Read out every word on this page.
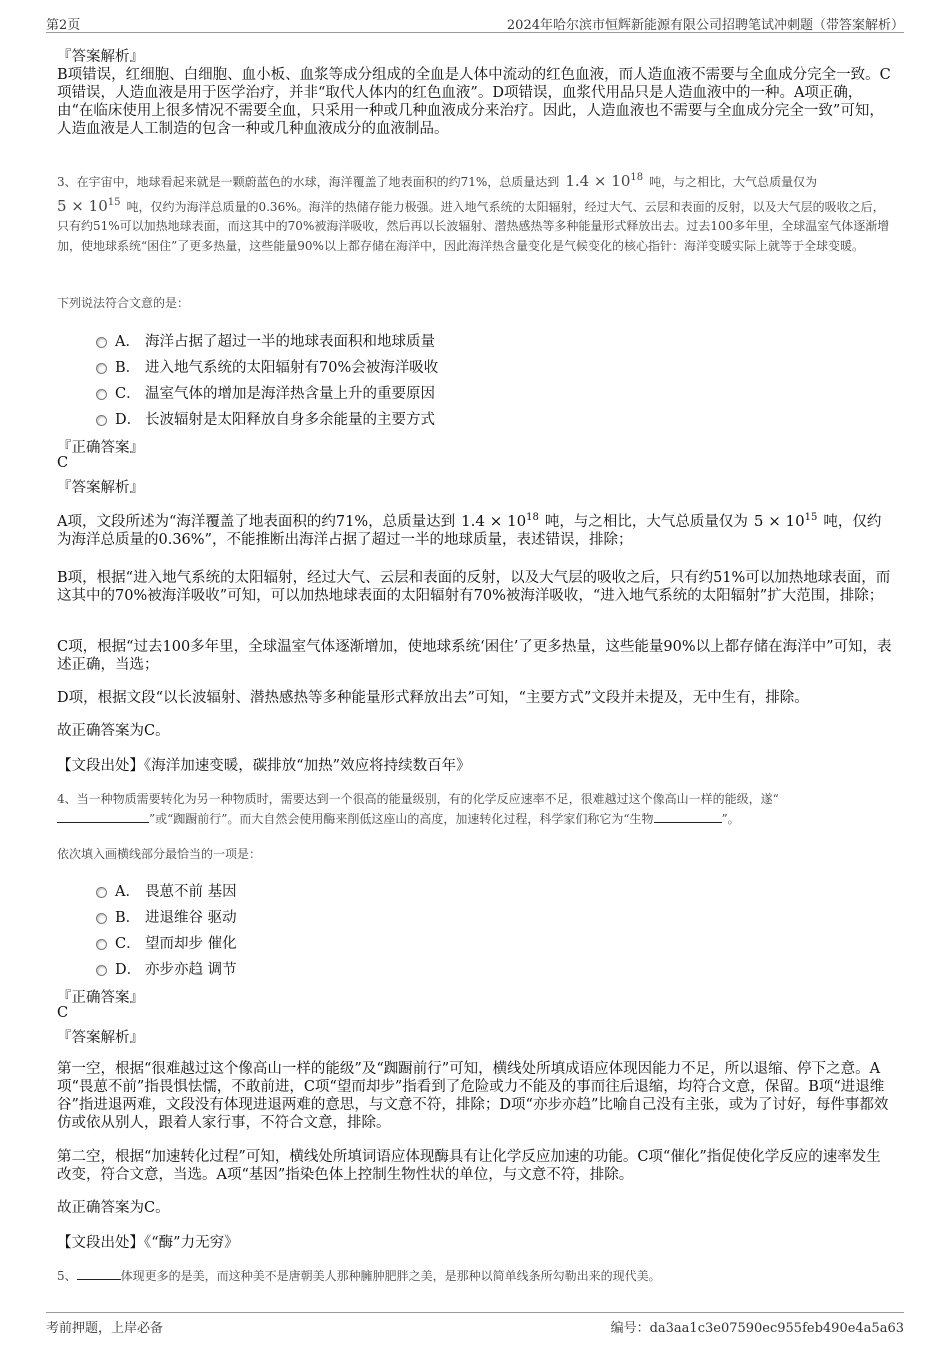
第2页	2024年哈尔滨市恒辉新能源有限公司招聘笔试冲刺题（带答案解析）

『答案解析』

B项错误，红细胞、白细胞、血小板、血浆等成分组成的全血是人体中流动的红色血液，而人造血液不需要与全血成分完全一致。C项错误，人造血液是用于医学治疗，并非“取代人体内的红色血液”。D项错误，血浆代用品只是人造血液中的一种。A项正确，由“在临床使用上很多情况不需要全血，只采用一种或几种血液成分来治疗。因此，人造血液也不需要与全血成分完全一致”可知，人造血液是人工制造的包含一种或几种血液成分的血液制品。

3、在宇宙中，地球看起来就是一颗蔚蓝色的水球，海洋覆盖了地表面积的约71%，总质量达到 $1.4 \times 10^{18}$ 吨，与之相比，大气总质量仅为
$5 \times 10^{15}$ 吨，仅约为海洋总质量的0.36%。海洋的热储存能力极强。进入地气系统的太阳辐射，经过大气、云层和表面的反射，以及大气层的吸收之后，只有约51%可以加热地球表面，而这其中的70%被海洋吸收，然后再以长波辐射、潜热感热等多种能量形式释放出去。过去100多年里，全球温室气体逐渐增加，使地球系统“困住”了更多热量，这些能量90%以上都存储在海洋中，因此海洋热含量变化是气候变化的核心指针：海洋变暖实际上就等于全球变暖。
下列说法符合文意的是：
A． 海洋占据了超过一半的地球表面积和地球质量
B． 进入地气系统的太阳辐射有70%会被海洋吸收
C． 温室气体的增加是海洋热含量上升的重要原因
D． 长波辐射是太阳释放自身多余能量的主要方式
『正确答案』
C
『答案解析』
A项，文段所述为“海洋覆盖了地表面积的约71%，总质量达到 $1.4 \times 10^{18}$ 吨，与之相比，大气总质量仅为 $5 \times 10^{15}$ 吨，仅约为海洋总质量的0.36%”，不能推断出海洋占据了超过一半的地球质量，表述错误，排除；
B项，根据“进入地气系统的太阳辐射，经过大气、云层和表面的反射，以及大气层的吸收之后，只有约51%可以加热地球表面，而这其中的70%被海洋吸收”可知，可以加热地球表面的太阳辐射有70%被海洋吸收，“进入地气系统的太阳辐射”扩大范围，排除；
C项，根据“过去100多年里，全球温室气体逐渐增加，使地球系统‘困住’了更多热量，这些能量90%以上都存储在海洋中”可知，表述正确，当选；
D项，根据文段“以长波辐射、潜热感热等多种能量形式释放出去”可知，“主要方式”文段并未提及，无中生有，排除。
故正确答案为C。
【文段出处】《海洋加速变暖，碳排放“加热”效应将持续数百年》
4、当一种物质需要转化为另一种物质时，需要达到一个很高的能量级别，有的化学反应速率不足，很难越过这个像高山一样的能级，遂“
”或“踟蹰前行”。而大自然会使用酶来削低这座山的高度，加速转化过程，科学家们称它为“生物	”。
依次填入画横线部分最恰当的一项是：
A． 畏葸不前 基因
B． 进退维谷 驱动
C． 望而却步 催化
D． 亦步亦趋 调节
『正确答案』
C
『答案解析』
第一空，根据“很难越过这个像高山一样的能级”及“踟蹰前行”可知，横线处所填成语应体现因能力不足，所以退缩、停下之意。A项“畏葸不前”指畏惧怯懦，不敢前进，C项“望而却步”指看到了危险或力不能及的事而往后退缩，均符合文意，保留。B项“进退维谷”指进退两难，文段没有体现进退两难的意思，与文意不符，排除；D项“亦步亦趋”比喻自己没有主张，或为了讨好，每件事都效仿或依从别人，跟着人家行事，不符合文意，排除。
第二空，根据“加速转化过程”可知，横线处所填词语应体现酶具有让化学反应加速的功能。C项“催化”指促使化学反应的速率发生改变，符合文意，当选。A项“基因”指染色体上控制生物性状的单位，与文意不符，排除。
故正确答案为C。
【文段出处】《“酶”力无穷》
5、	体现更多的是美，而这种美不是唐朝美人那种臃肿肥胖之美，是那种以简单线条所勾勒出来的现代美。
考前押题，上岸必备	编号：da3aa1c3e07590ec955feb490e4a5a63
